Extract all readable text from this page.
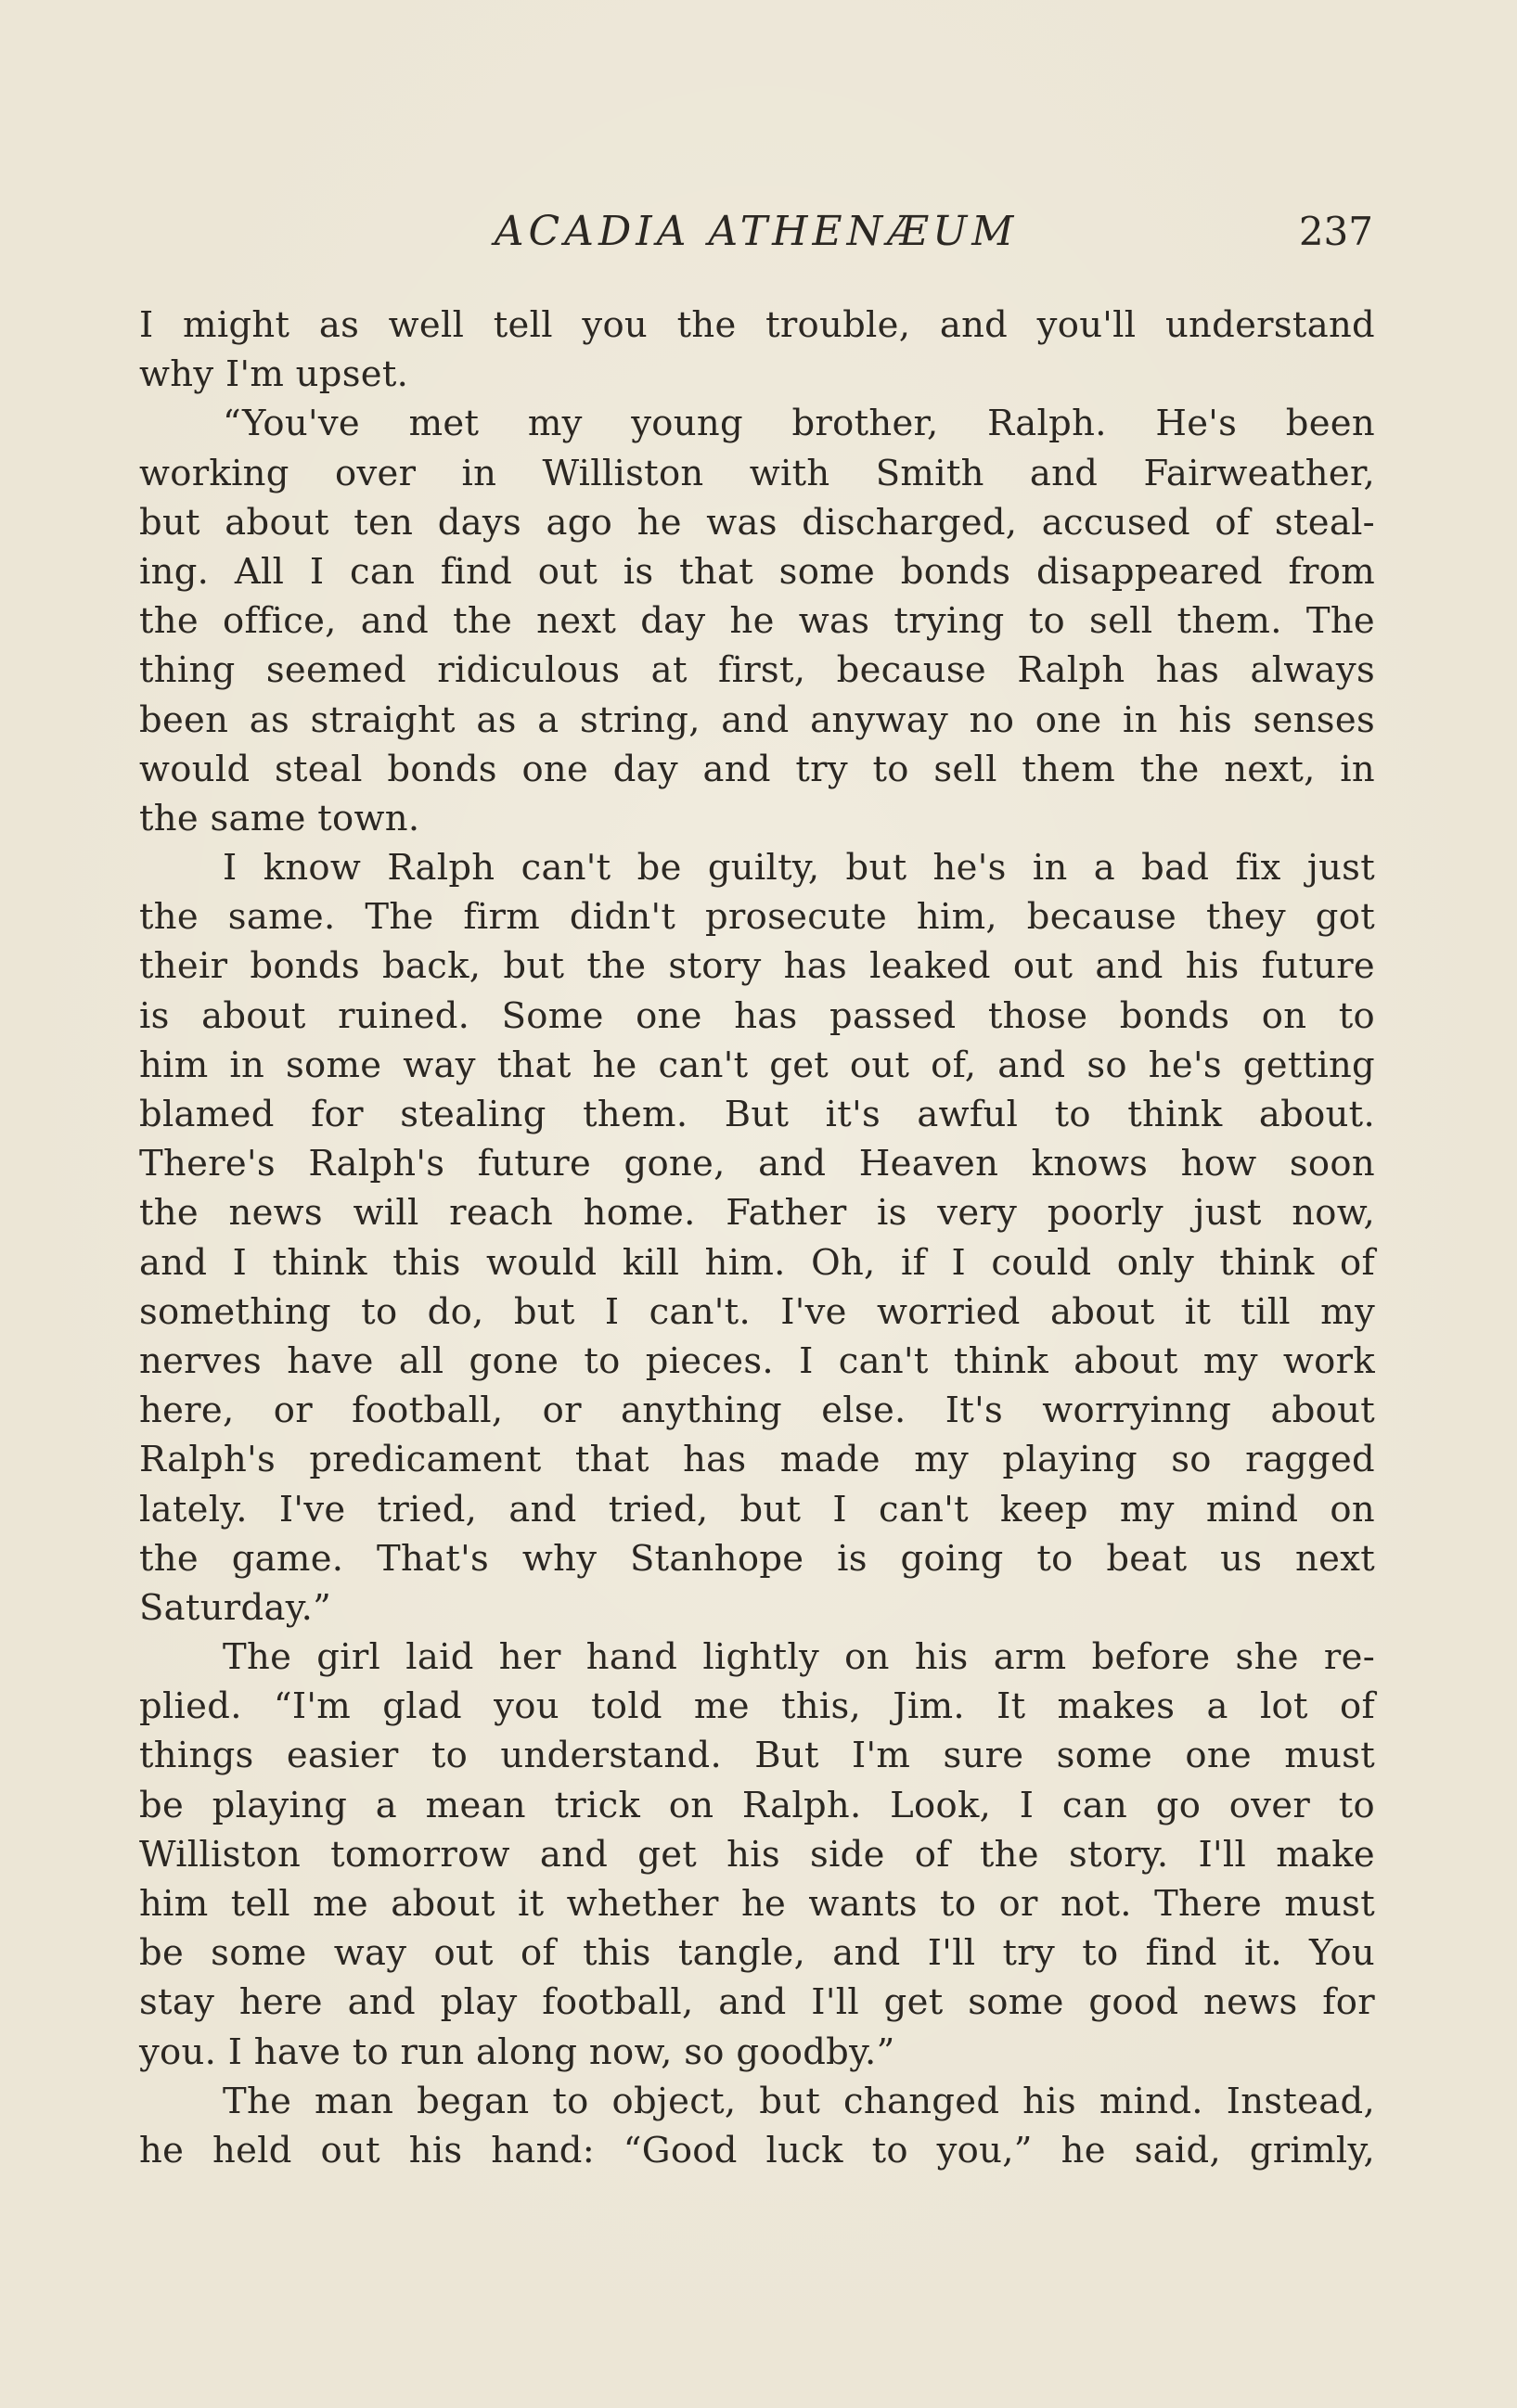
ACADIA ATHENÆUM	237
I might as well tell you the trouble, and you'll understand
why I'm upset.
“You've met my young brother, Ralph. He's been
working over in Williston with Smith and Fairweather,
but about ten days ago he was discharged, accused of steal-
ing. All I can find out is that some bonds disappeared from
the office, and the next day he was trying to sell them. The
thing seemed ridiculous at first, because Ralph has always
been as straight as a string, and anyway no one in his senses
would steal bonds one day and try to sell them the next, in
the same town.
I know Ralph can't be guilty, but he's in a bad fix just
the same. The firm didn't prosecute him, because they got
their bonds back, but the story has leaked out and his future
is about ruined. Some one has passed those bonds on to
him in some way that he can't get out of, and so he's getting
blamed for stealing them. But it's awful to think about.
There's Ralph's future gone, and Heaven knows how soon
the news will reach home. Father is very poorly just now,
and I think this would kill him. Oh, if I could only think of
something to do, but I can't. I've worried about it till my
nerves have all gone to pieces. I can't think about my work
here, or football, or anything else. It's worryinng about
Ralph's predicament that has made my playing so ragged
lately. I've tried, and tried, but I can't keep my mind on
the game. That's why Stanhope is going to beat us next
Saturday.”
The girl laid her hand lightly on his arm before she re-
plied. “I'm glad you told me this, Jim. It makes a lot of
things easier to understand. But I'm sure some one must
be playing a mean trick on Ralph. Look, I can go over to
Williston tomorrow and get his side of the story. I'll make
him tell me about it whether he wants to or not. There must
be some way out of this tangle, and I'll try to find it. You
stay here and play football, and I'll get some good news for
you. I have to run along now, so goodby.”
The man began to object, but changed his mind. Instead,
he held out his hand: “Good luck to you,” he said, grimly,
